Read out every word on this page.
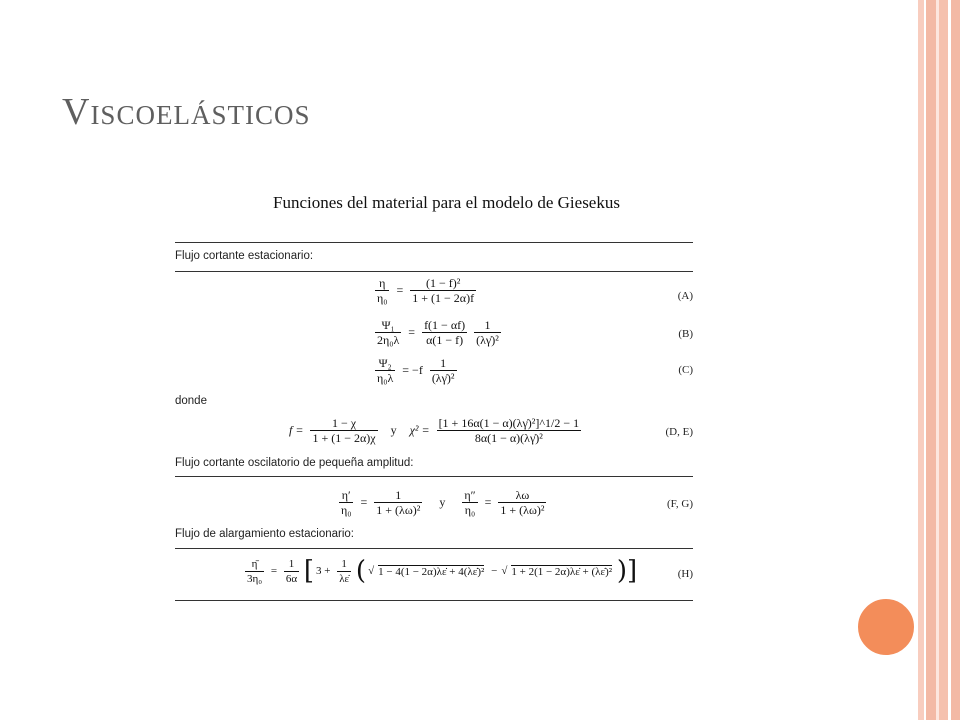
Viscoelásticos
Funciones del material para el modelo de Giesekus
Flujo cortante estacionario:
$\frac{\eta}{\text{η₀}} = \frac{\text{(1 − f)²}}{1 + (1 - 2\alpha)f}$	(A)
$\frac{\text{Ψ₁}}{\text{2η₀λ}} = \frac{f(1 - \alpha f)}{\alpha(1 - f)}$
$\frac{1}{\text{(λγ̇)²}}$	(B)
$\frac{\text{Ψ₂}}{\text{η₀λ}} = -f \frac{1}{\text{(λγ̇)²}}$	(C)
donde
$f = \frac{1 - \chi}{1 + (1 - 2\alpha)\chi}$ y $\chi^2 = \frac{\text{[1 + 16α(1 − α)(λγ̇)²]\textasciicircum{}1/2 − 1}}{\text{8α(1 − α)(λγ̇)²}}$	(D, E)
Flujo cortante oscilatorio de pequeña amplitud:
$\frac{\eta'}{\text{η₀}} = \frac{1}{\text{1 + (λω)²}}$ y $\frac{\eta''}{\text{η₀}} = \frac{\lambda\omega}{\text{1 + (λω)²}}$	(F, G)
Flujo de alargamiento estacionario:
$\frac{\etā}{\text{3η₀}} = \frac{1}{6\alpha}$ [ $3 + \frac{1}{\lambda\varepsiloṅ}$ ( √ 1 − 4(1 − 2α)λε̇ + 4(λε̇)² − √ 1 + 2(1 − 2α)λε̇ + (λε̇)² )]	(H)
